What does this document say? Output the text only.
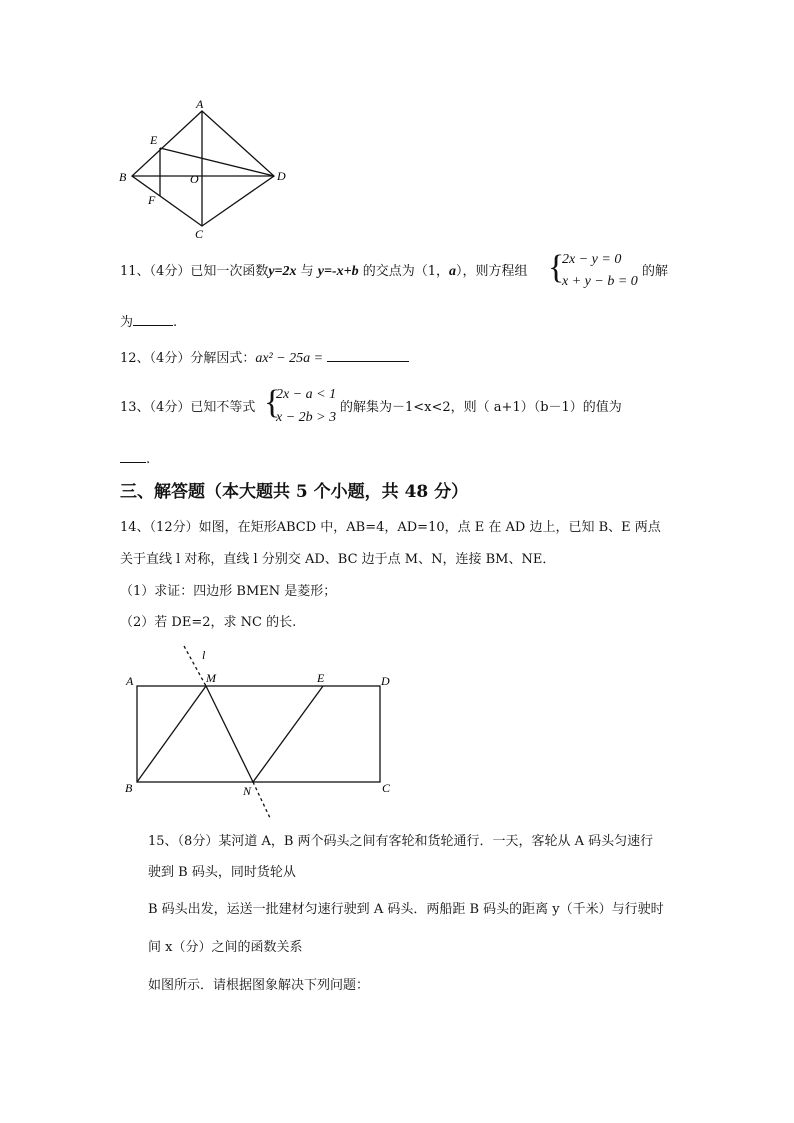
A
E
B	O	D
F
C
11、（4分）已知一次函数y=2x 与 y=-x+b 的交点为（1，a），则方程组 {
2x − y = 0
x + y − b = 0
的解
为	.
12、（4分）分解因式：ax² − 25a =
13、（4分）已知不等式 {
2x − a < 1
x − 2b > 3
的解集为－1<x<2，则（ a+1）（b－1）的值为
.
三、解答题（本大题共 5 个小题，共 48 分）
14、（12分）如图，在矩形ABCD 中，AB=4，AD=10，点 E 在 AD 边上，已知 B、E 两点
关于直线 l 对称，直线 l 分别交 AD、BC 边于点 M、N，连接 BM、NE．
（1）求证：四边形 BMEN 是菱形；
（2）若 DE=2，求 NC 的长.
l
A	M	E	D
B	N	C
15、（8分）某河道 A，B 两个码头之间有客轮和货轮通行．一天，客轮从 A 码头匀速行
驶到 B 码头，同时货轮从
B 码头出发，运送一批建材匀速行驶到 A 码头．两船距 B 码头的距离 y（千米）与行驶时
间 x（分）之间的函数关系
如图所示．请根据图象解决下列问题：
